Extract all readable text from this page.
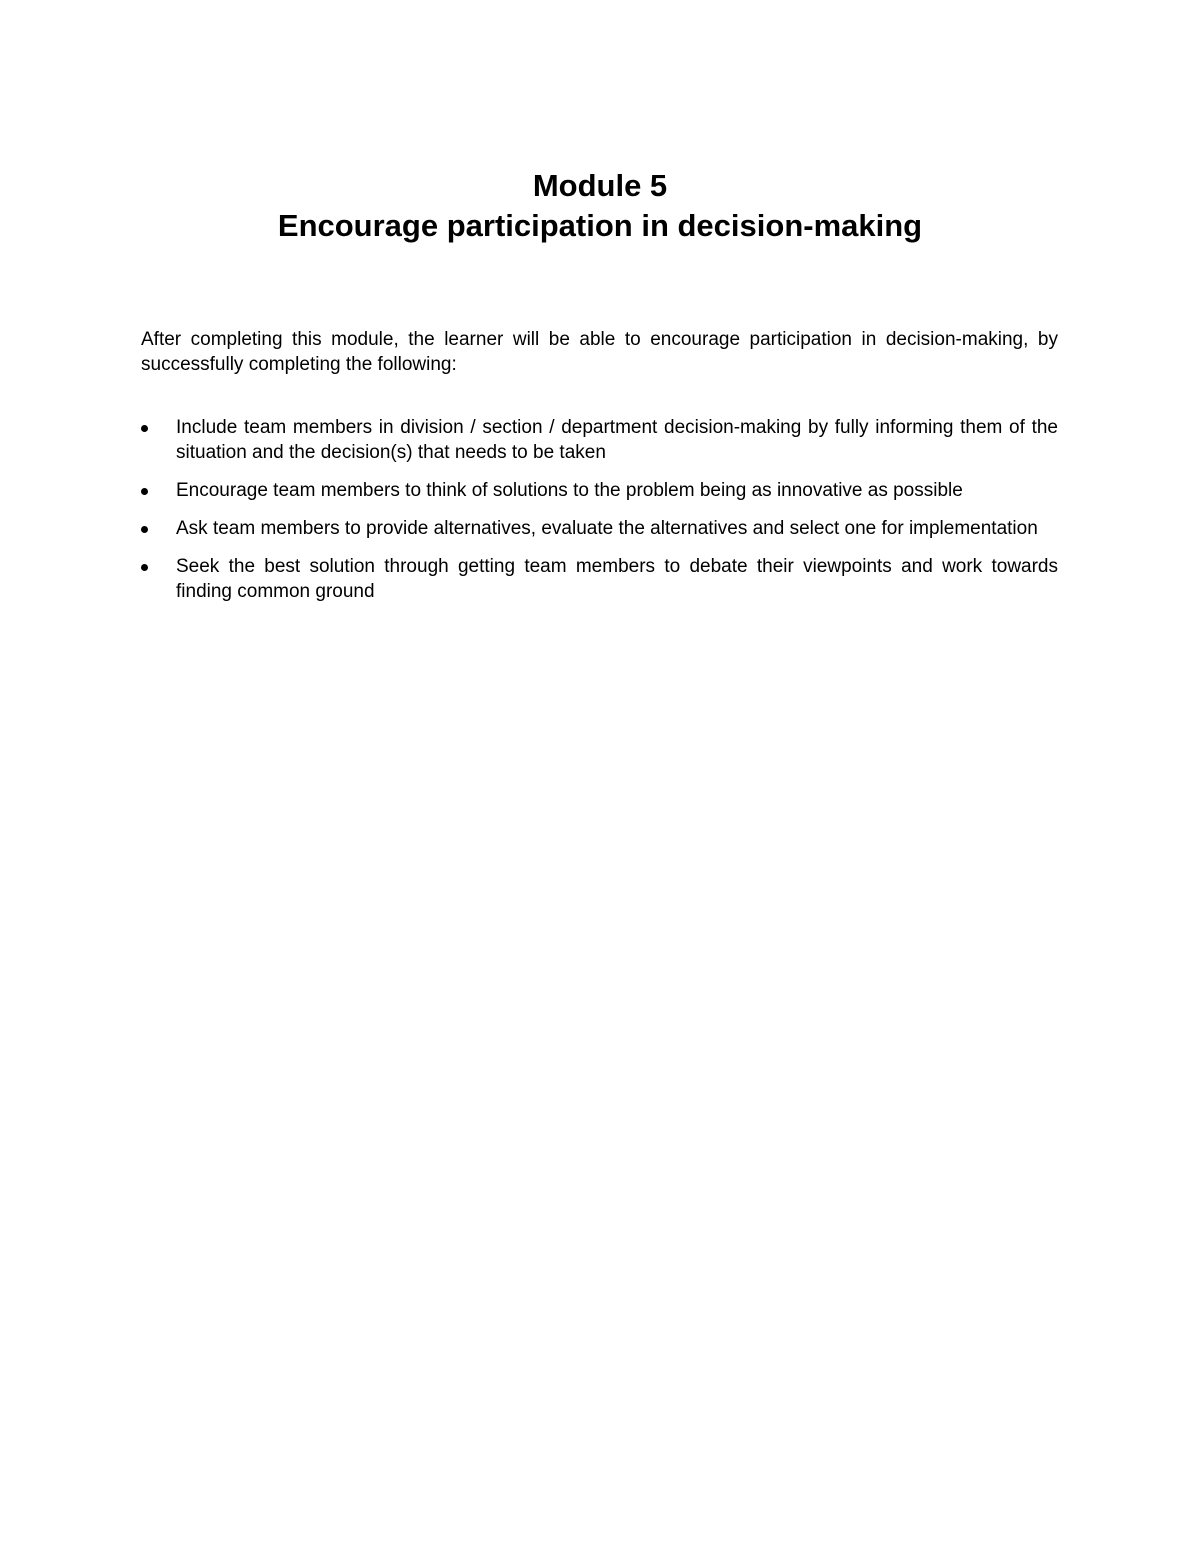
Module 5
Encourage participation in decision-making

After completing this module, the learner will be able to encourage participation in decision-making, by successfully completing the following:

Include team members in division / section / department decision-making by fully informing them of the situation and the decision(s) that needs to be taken
Encourage team members to think of solutions to the problem being as innovative as possible
Ask team members to provide alternatives, evaluate the alternatives and select one for implementation
Seek the best solution through getting team members to debate their viewpoints and work towards finding common ground
